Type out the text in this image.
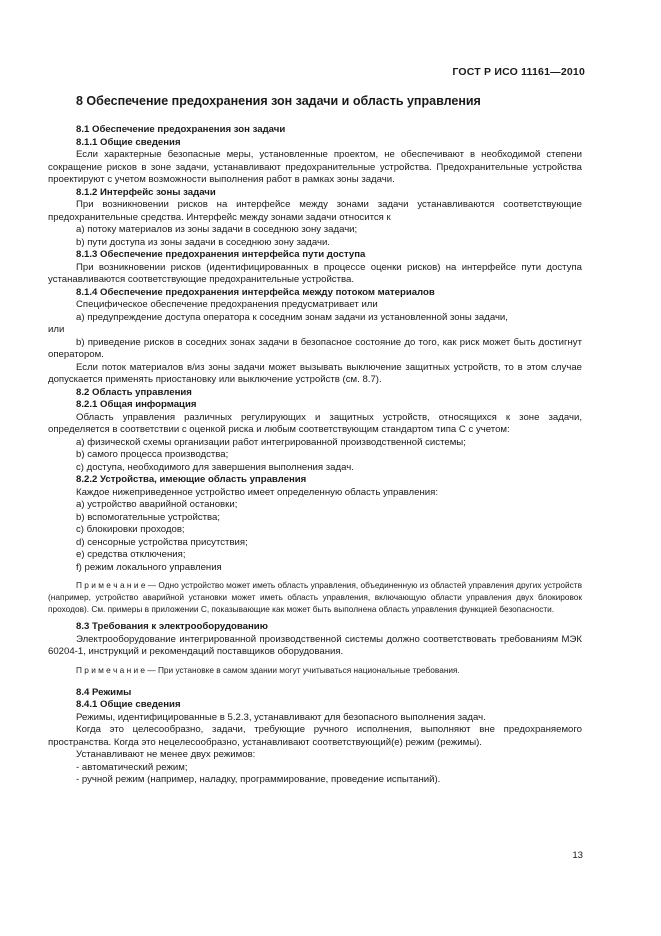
ГОСТ Р ИСО 11161—2010
8 Обеспечение предохранения зон задачи и область управления

8.1 Обеспечение предохранения зон задачи

8.1.1 Общие сведения

Если характерные безопасные меры, установленные проектом, не обеспечивают в необходимой степени сокращение рисков в зоне задачи, устанавливают предохранительные устройства. Предохранительные устройства проектируют с учетом возможности выполнения работ в рамках зоны задачи.

8.1.2 Интерфейс зоны задачи

При возникновении рисков на интерфейсе между зонами задачи устанавливаются соответствующие предохранительные средства. Интерфейс между зонами задачи относится к

a) потоку материалов из зоны задачи в соседнюю зону задачи;

b) пути доступа из зоны задачи в соседнюю зону задачи.

8.1.3 Обеспечение предохранения интерфейса пути доступа

При возникновении рисков (идентифицированных в процессе оценки рисков) на интерфейсе пути доступа устанавливаются соответствующие предохранительные устройства.

8.1.4 Обеспечение предохранения интерфейса между потоком материалов

Специфическое обеспечение предохранения предусматривает или

a) предупреждение доступа оператора к соседним зонам задачи из установленной зоны задачи,

или

b) приведение рисков в соседних зонах задачи в безопасное состояние до того, как риск может быть достигнут оператором.

Если поток материалов в/из зоны задачи может вызывать выключение защитных устройств, то в этом случае допускается применять приостановку или выключение устройств (см. 8.7).

8.2 Область управления

8.2.1 Общая информация

Область управления различных регулирующих и защитных устройств, относящихся к зоне задачи, определяется в соответствии с оценкой риска и любым соответствующим стандартом типа С с учетом:

a) физической схемы организации работ интегрированной производственной системы;

b) самого процесса производства;

c) доступа, необходимого для завершения выполнения задач.

8.2.2 Устройства, имеющие область управления

Каждое нижеприведенное устройство имеет определенную область управления:

a) устройство аварийной остановки;

b) вспомогательные устройства;

c) блокировки проходов;

d) сенсорные устройства присутствия;

e) средства отключения;

f) режим локального управления

П р и м е ч а н и е — Одно устройство может иметь область управления, объединенную из областей управления других устройств (например, устройство аварийной установки может иметь область управления, включающую области управления двух блокировок проходов). См. примеры в приложении С, показывающие как может быть выполнена область управления функцией безопасности.

8.3 Требования к электрооборудованию

Электрооборудование интегрированной производственной системы должно соответствовать требованиям МЭК 60204-1, инструкций и рекомендаций поставщиков оборудования.

П р и м е ч а н и е — При установке в самом здании могут учитываться национальные требования.

8.4 Режимы

8.4.1 Общие сведения

Режимы, идентифицированные в 5.2.3, устанавливают для безопасного выполнения задач.

Когда это целесообразно, задачи, требующие ручного исполнения, выполняют вне предохраняемого пространства. Когда это нецелесообразно, устанавливают соответствующий(е) режим (режимы).

Устанавливают не менее двух режимов:

- автоматический режим;

- ручной режим (например, наладку, программирование, проведение испытаний).

13
